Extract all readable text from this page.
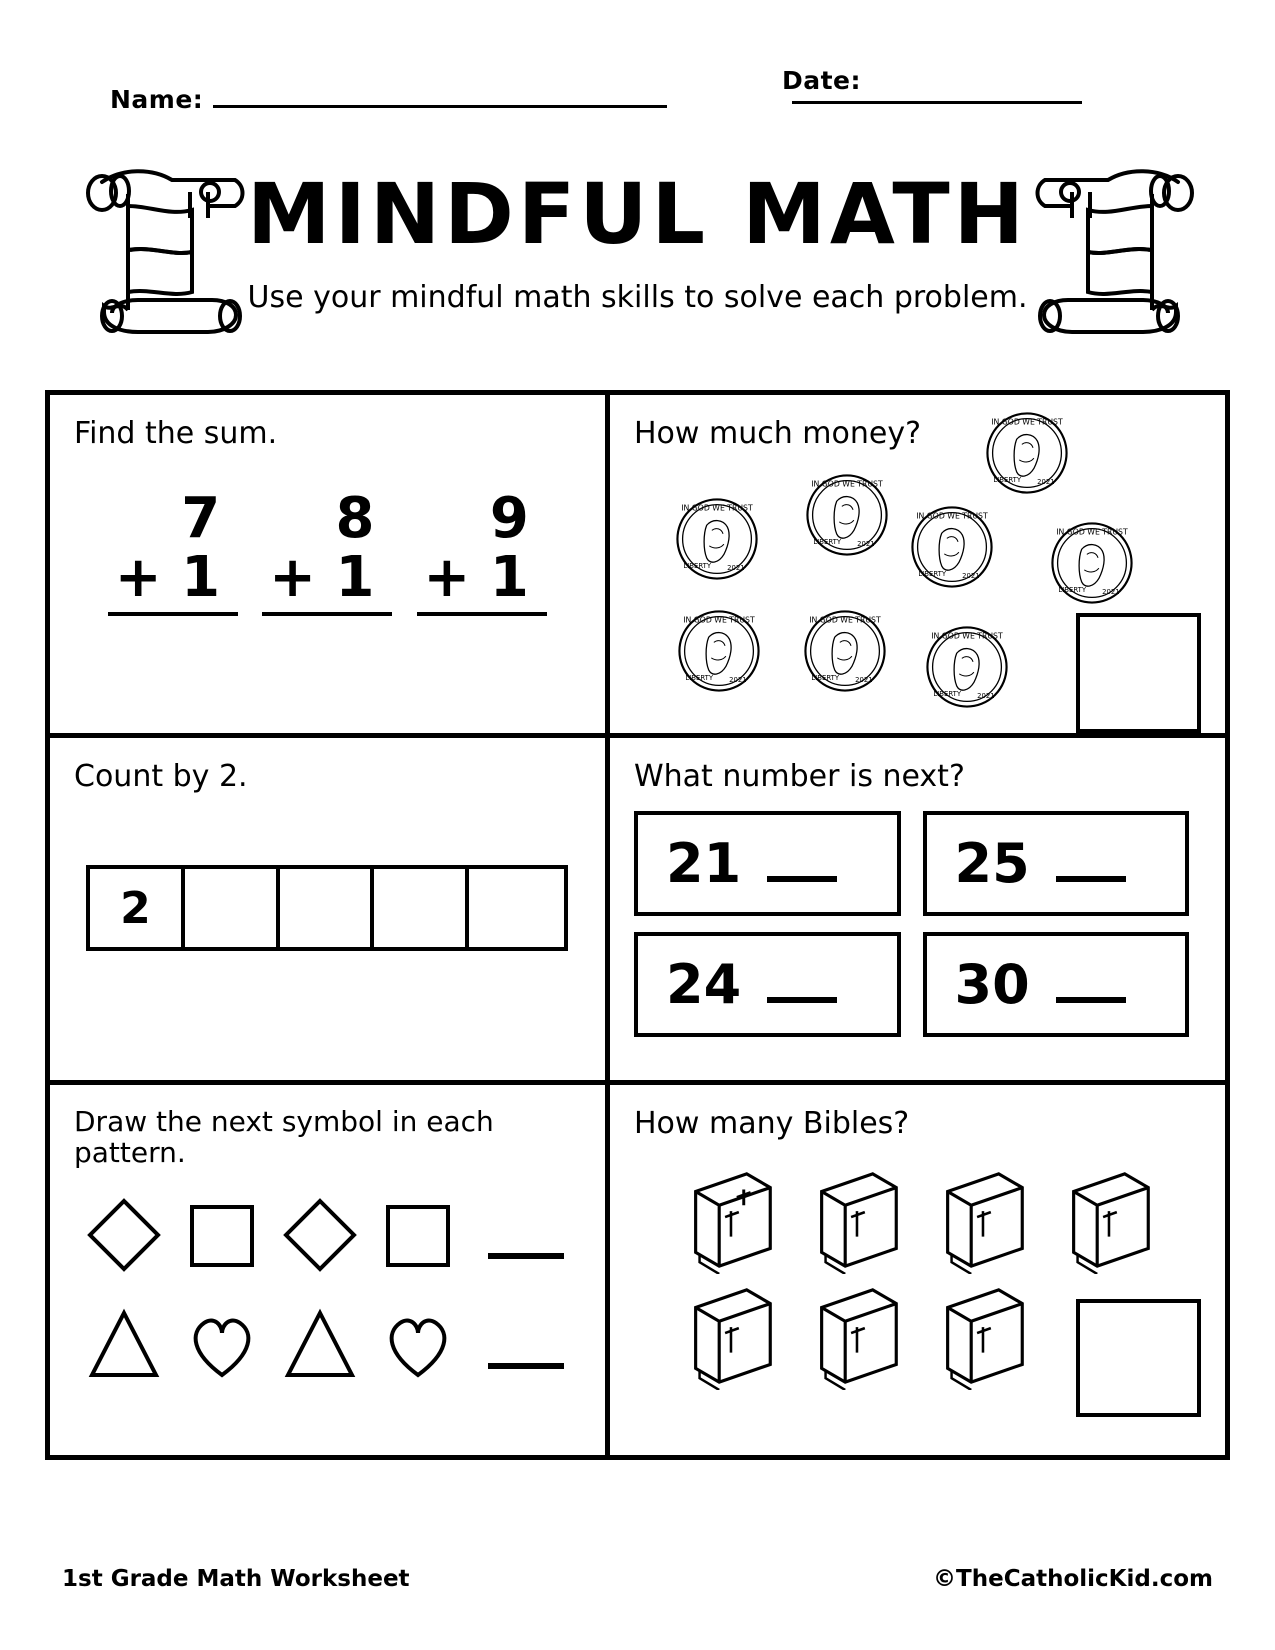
Name:
Date:
MINDFUL MATH
Use your mindful math skills to solve each problem.
Find the sum.
7
+ 1
8
+ 1
9
+ 1
How much money?	IN GOD WE TRUST
LIBERTY 2021
IN GOD WE TRUST
LIBERTY 2021
IN GOD WE TRUST
LIBERTY 2021
IN GOD WE TRUST
LIBERTY 2021
IN GOD WE TRUST
LIBERTY 2021
IN GOD WE TRUST
LIBERTY 2021
IN GOD WE TRUST
LIBERTY 2021
IN GOD WE TRUST
LIBERTY 2021
Count by 2.
2
What number is next?
21	25
24	30
Draw the next symbol in each pattern.
How many Bibles?
1st Grade Math Worksheet	©TheCatholicKid.com
